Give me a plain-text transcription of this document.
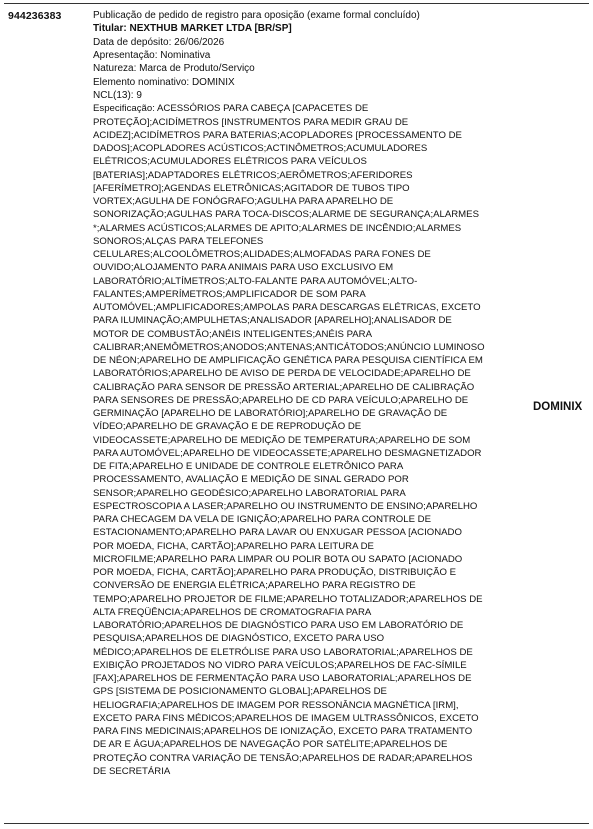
944236383	Publicação de pedido de registro para oposição (exame formal concluído)
Titular: NEXTHUB MARKET LTDA [BR/SP]
Data de depósito: 26/06/2026
Apresentação: Nominativa
Natureza: Marca de Produto/Serviço
Elemento nominativo: DOMINIX
NCL(13): 9
Especificação: ACESSÓRIOS PARA CABEÇA [CAPACETES DE PROTEÇÃO];ACIDÍMETROS [INSTRUMENTOS PARA MEDIR GRAU DE ACIDEZ];ACIDÍMETROS PARA BATERIAS;ACOPLADORES [PROCESSAMENTO DE DADOS];ACOPLADORES ACÚSTICOS;ACTINÔMETROS;ACUMULADORES ELÉTRICOS;ACUMULADORES ELÉTRICOS PARA VEÍCULOS [BATERIAS];ADAPTADORES ELÉTRICOS;AERÔMETROS;AFERIDORES [AFERÍMETRO];AGENDAS ELETRÔNICAS;AGITADOR DE TUBOS TIPO VORTEX;AGULHA DE FONÓGRAFO;AGULHA PARA APARELHO DE SONORIZAÇÃO;AGULHAS PARA TOCA-DISCOS;ALARME DE SEGURANÇA;ALARMES *;ALARMES ACÚSTICOS;ALARMES DE APITO;ALARMES DE INCÊNDIO;ALARMES SONOROS;ALÇAS PARA TELEFONES CELULARES;ALCOOLÔMETROS;ALIDADES;ALMOFADAS PARA FONES DE OUVIDO;ALOJAMENTO PARA ANIMAIS PARA USO EXCLUSIVO EM LABORATÓRIO;ALTÍMETROS;ALTO-FALANTE PARA AUTOMÓVEL;ALTO-FALANTES;AMPERÍMETROS;AMPLIFICADOR DE SOM PARA AUTOMÓVEL;AMPLIFICADORES;AMPOLAS PARA DESCARGAS ELÉTRICAS, EXCETO PARA ILUMINAÇÃO;AMPULHETAS;ANALISADOR [APARELHO];ANALISADOR DE MOTOR DE COMBUSTÃO;ANÉIS INTELIGENTES;ANÉIS PARA CALIBRAR;ANEMÔMETROS;ANODOS;ANTENAS;ANTICÁTODOS;ANÚNCIO LUMINOSO DE NÉON;APARELHO DE AMPLIFICAÇÃO GENÉTICA PARA PESQUISA CIENTÍFICA EM LABORATÓRIOS;APARELHO DE AVISO DE PERDA DE VELOCIDADE;APARELHO DE CALIBRAÇÃO PARA SENSOR DE PRESSÃO ARTERIAL;APARELHO DE CALIBRAÇÃO PARA SENSORES DE PRESSÃO;APARELHO DE CD PARA VEÍCULO;APARELHO DE GERMINAÇÃO [APARELHO DE LABORATÓRIO];APARELHO DE GRAVAÇÃO DE VÍDEO;APARELHO DE GRAVAÇÃO E DE REPRODUÇÃO DE VIDEOCASSETE;APARELHO DE MEDIÇÃO DE TEMPERATURA;APARELHO DE SOM PARA AUTOMÓVEL;APARELHO DE VIDEOCASSETE;APARELHO DESMAGNETIZADOR DE FITA;APARELHO E UNIDADE DE CONTROLE ELETRÔNICO PARA PROCESSAMENTO, AVALIAÇÃO E MEDIÇÃO DE SINAL GERADO POR SENSOR;APARELHO GEODÉSICO;APARELHO LABORATORIAL PARA ESPECTROSCOPIA A LASER;APARELHO OU INSTRUMENTO DE ENSINO;APARELHO PARA CHECAGEM DA VELA DE IGNIÇÃO;APARELHO PARA CONTROLE DE ESTACIONAMENTO;APARELHO PARA LAVAR OU ENXUGAR PESSOA [ACIONADO POR MOEDA, FICHA, CARTÃO];APARELHO PARA LEITURA DE MICROFILME;APARELHO PARA LIMPAR OU POLIR BOTA OU SAPATO [ACIONADO POR MOEDA, FICHA, CARTÃO];APARELHO PARA PRODUÇÃO, DISTRIBUIÇÃO E CONVERSÃO DE ENERGIA ELÉTRICA;APARELHO PARA REGISTRO DE TEMPO;APARELHO PROJETOR DE FILME;APARELHO TOTALIZADOR;APARELHOS DE ALTA FREQÜÊNCIA;APARELHOS DE CROMATOGRAFIA PARA LABORATÓRIO;APARELHOS DE DIAGNÓSTICO PARA USO EM LABORATÓRIO DE PESQUISA;APARELHOS DE DIAGNÓSTICO, EXCETO PARA USO MÉDICO;APARELHOS DE ELETRÓLISE PARA USO LABORATORIAL;APARELHOS DE EXIBIÇÃO PROJETADOS NO VIDRO PARA VEÍCULOS;APARELHOS DE FAC-SÍMILE [FAX];APARELHOS DE FERMENTAÇÃO PARA USO LABORATORIAL;APARELHOS DE GPS [SISTEMA DE POSICIONAMENTO GLOBAL];APARELHOS DE HELIOGRAFIA;APARELHOS DE IMAGEM POR RESSONÂNCIA MAGNÉTICA [IRM], EXCETO PARA FINS MÉDICOS;APARELHOS DE IMAGEM ULTRASSÔNICOS, EXCETO PARA FINS MEDICINAIS;APARELHOS DE IONIZAÇÃO, EXCETO PARA TRATAMENTO DE AR E ÁGUA;APARELHOS DE NAVEGAÇÃO POR SATÉLITE;APARELHOS DE PROTEÇÃO CONTRA VARIAÇÃO DE TENSÃO;APARELHOS DE RADAR;APARELHOS DE SECRETÁRIA
DOMINIX
